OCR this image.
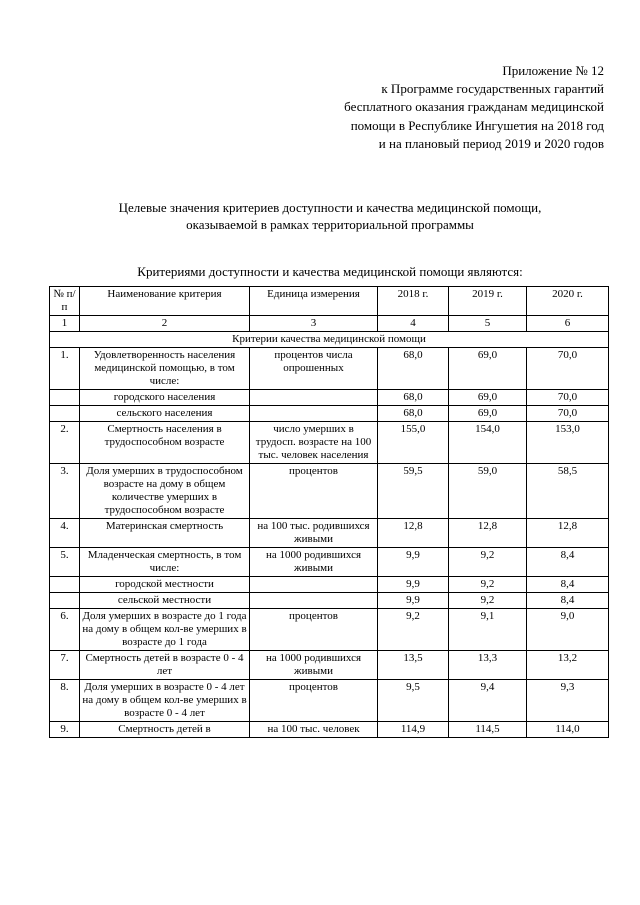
Приложение № 12
к Программе государственных гарантий
бесплатного оказания гражданам медицинской
помощи в Республике Ингушетия на 2018 год
и на плановый период 2019 и 2020 годов
Целевые значения критериев доступности и качества медицинской помощи,
оказываемой в рамках территориальной программы
Критериями доступности и качества медицинской помощи являются:
№ п/п	Наименование критерия	Единица измерения	2018 г.	2019 г.	2020 г.
1	2	3	4	5	6
Критерии качества медицинской помощи					
1.	Удовлетворенность населения медицинской помощью, в том числе:	процентов числа опрошенных	68,0	69,0	70,0
	городского населения		68,0	69,0	70,0
	сельского населения		68,0	69,0	70,0
2.	Смертность населения в трудоспособном возрасте	число умерших в трудосп. возрасте на 100 тыс. человек населения	155,0	154,0	153,0
3.	Доля умерших в трудоспособном возрасте на дому в общем количестве умерших в трудоспособном возрасте	процентов	59,5	59,0	58,5
4.	Материнская смертность	на 100 тыс. родившихся живыми	12,8	12,8	12,8
5.	Младенческая смертность, в том числе:	на 1000 родившихся живыми	9,9	9,2	8,4
	городской местности		9,9	9,2	8,4
	сельской местности		9,9	9,2	8,4
6.	Доля умерших в возрасте до 1 года на дому в общем кол-ве умерших в возрасте до 1 года	процентов	9,2	9,1	9,0
7.	Смертность детей в возрасте 0 - 4 лет	на 1000 родившихся живыми	13,5	13,3	13,2
8.	Доля умерших в возрасте 0 - 4 лет на дому в общем кол-ве умерших в возрасте 0 - 4 лет	процентов	9,5	9,4	9,3
9.	Смертность детей в	на 100 тыс. человек	114,9	114,5	114,0
